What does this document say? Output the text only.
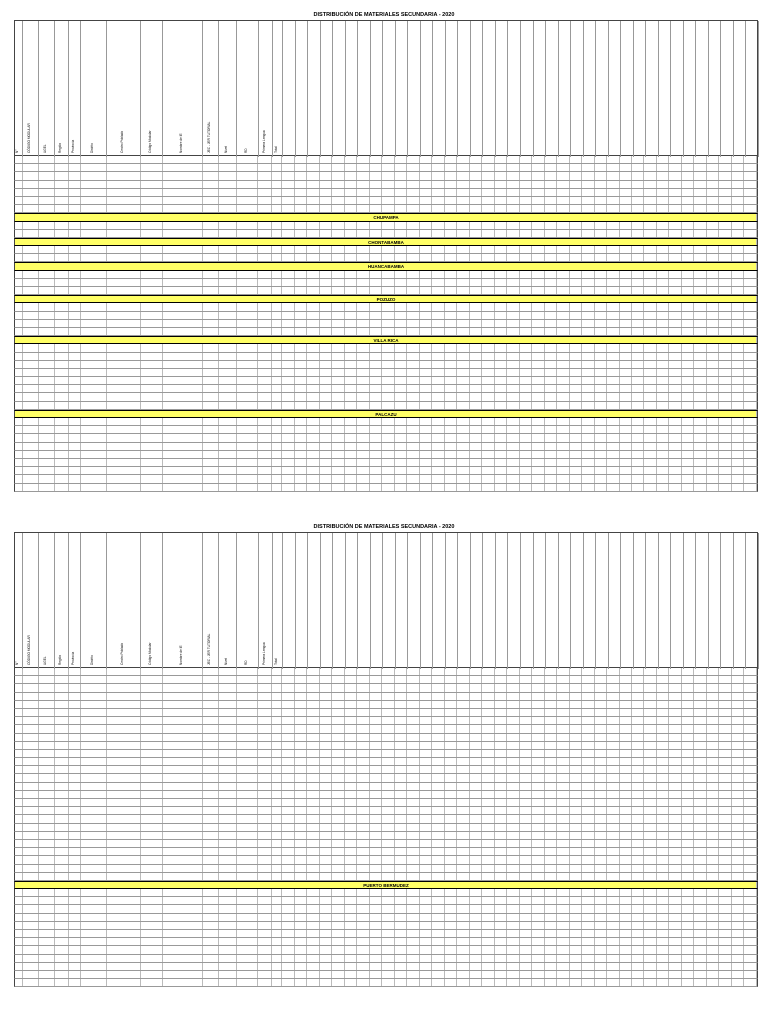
DISTRIBUCIÓN DE MATERIALES SECUNDARIA - 2020
N°	CÓDIGO MODULAR	UGEL	Región	Provincia	Distrito	Centro Poblado	Código Modular	Nombre de IE	JEC - JER TUTORIAL	Nivel	RD	Primera Lengua	Total
CHUPAMPA
CHONTABAMBA
HUANCABAMBA
POZUZO
VILLA RICA
PALCAZU
DISTRIBUCIÓN DE MATERIALES SECUNDARIA - 2020
N°	CÓDIGO MODULAR	UGEL	Región	Provincia	Distrito	Centro Poblado	Código Modular	Nombre de IE	JEC - JER TUTORIAL	Nivel	RD	Primera Lengua	Total
PUERTO BERMUDEZ
